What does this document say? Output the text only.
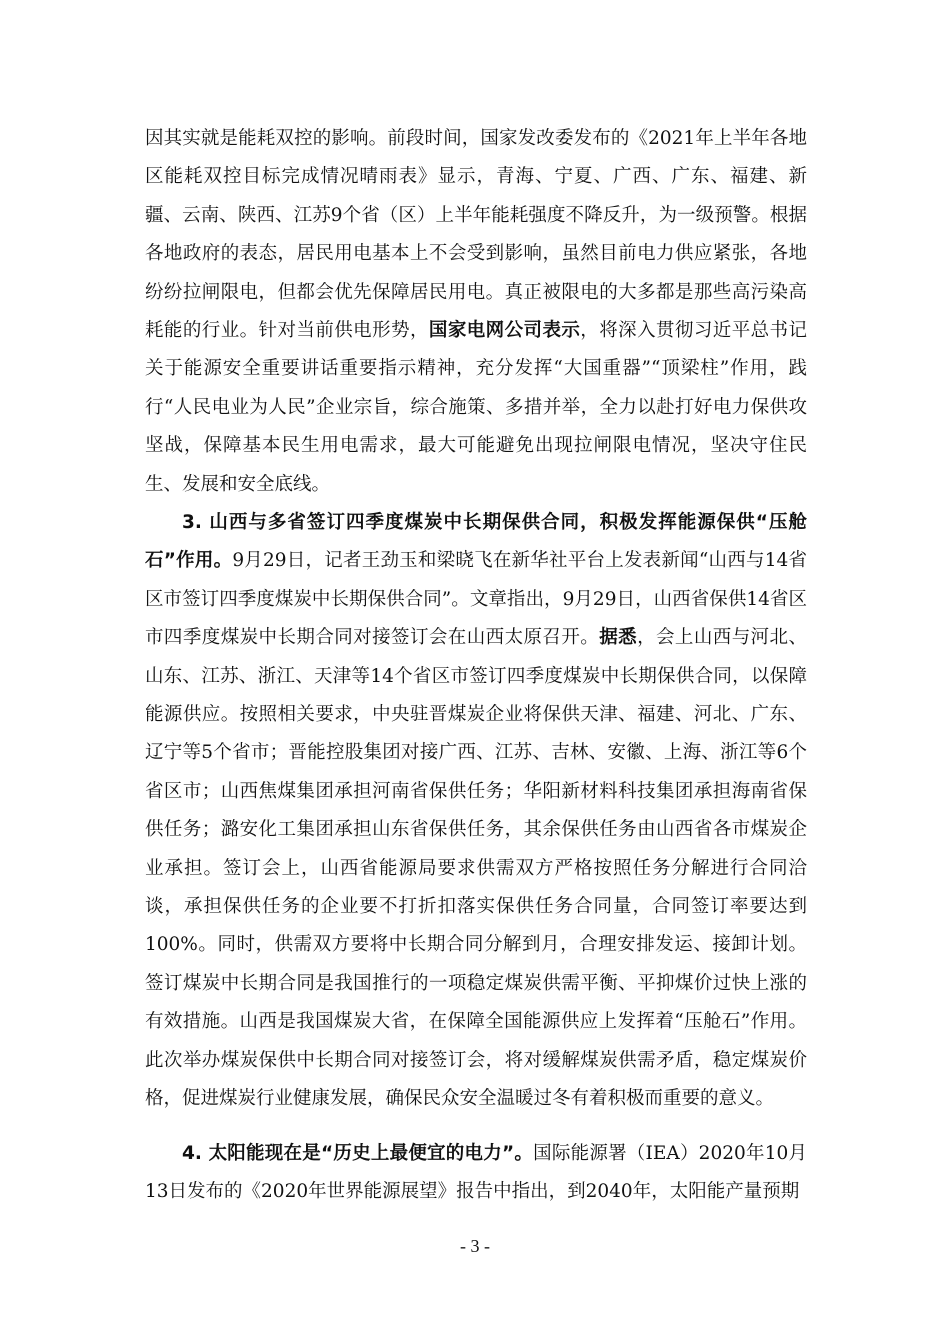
因其实就是能耗双控的影响。前段时间，国家发改委发布的《2021年上半年各地区能耗双控目标完成情况晴雨表》显示，青海、宁夏、广西、广东、福建、新疆、云南、陕西、江苏9个省（区）上半年能耗强度不降反升，为一级预警。根据各地政府的表态，居民用电基本上不会受到影响，虽然目前电力供应紧张，各地纷纷拉闸限电，但都会优先保障居民用电。真正被限电的大多都是那些高污染高耗能的行业。针对当前供电形势，国家电网公司表示，将深入贯彻习近平总书记关于能源安全重要讲话重要指示精神，充分发挥“大国重器”“顶梁柱”作用，践行“人民电业为人民”企业宗旨，综合施策、多措并举，全力以赴打好电力保供攻坚战，保障基本民生用电需求，最大可能避免出现拉闸限电情况，坚决守住民生、发展和安全底线。
3. 山西与多省签订四季度煤炭中长期保供合同，积极发挥能源保供“压舱石”作用。9月29日，记者王劲玉和梁晓飞在新华社平台上发表新闻“山西与14省区市签订四季度煤炭中长期保供合同”。文章指出，9月29日，山西省保供14省区市四季度煤炭中长期合同对接签订会在山西太原召开。据悉，会上山西与河北、山东、江苏、浙江、天津等14个省区市签订四季度煤炭中长期保供合同，以保障能源供应。按照相关要求，中央驻晋煤炭企业将保供天津、福建、河北、广东、辽宁等5个省市；晋能控股集团对接广西、江苏、吉林、安徽、上海、浙江等6个省区市；山西焦煤集团承担河南省保供任务；华阳新材料科技集团承担海南省保供任务；潞安化工集团承担山东省保供任务，其余保供任务由山西省各市煤炭企业承担。签订会上，山西省能源局要求供需双方严格按照任务分解进行合同洽谈，承担保供任务的企业要不打折扣落实保供任务合同量，合同签订率要达到100%。同时，供需双方要将中长期合同分解到月，合理安排发运、接卸计划。签订煤炭中长期合同是我国推行的一项稳定煤炭供需平衡、平抑煤价过快上涨的有效措施。山西是我国煤炭大省，在保障全国能源供应上发挥着“压舱石”作用。此次举办煤炭保供中长期合同对接签订会，将对缓解煤炭供需矛盾，稳定煤炭价格，促进煤炭行业健康发展，确保民众安全温暖过冬有着积极而重要的意义。
4. 太阳能现在是“历史上最便宜的电力”。国际能源署（IEA）2020年10月13日发布的《2020年世界能源展望》报告中指出，到2040年，太阳能产量预期
- 3 -
